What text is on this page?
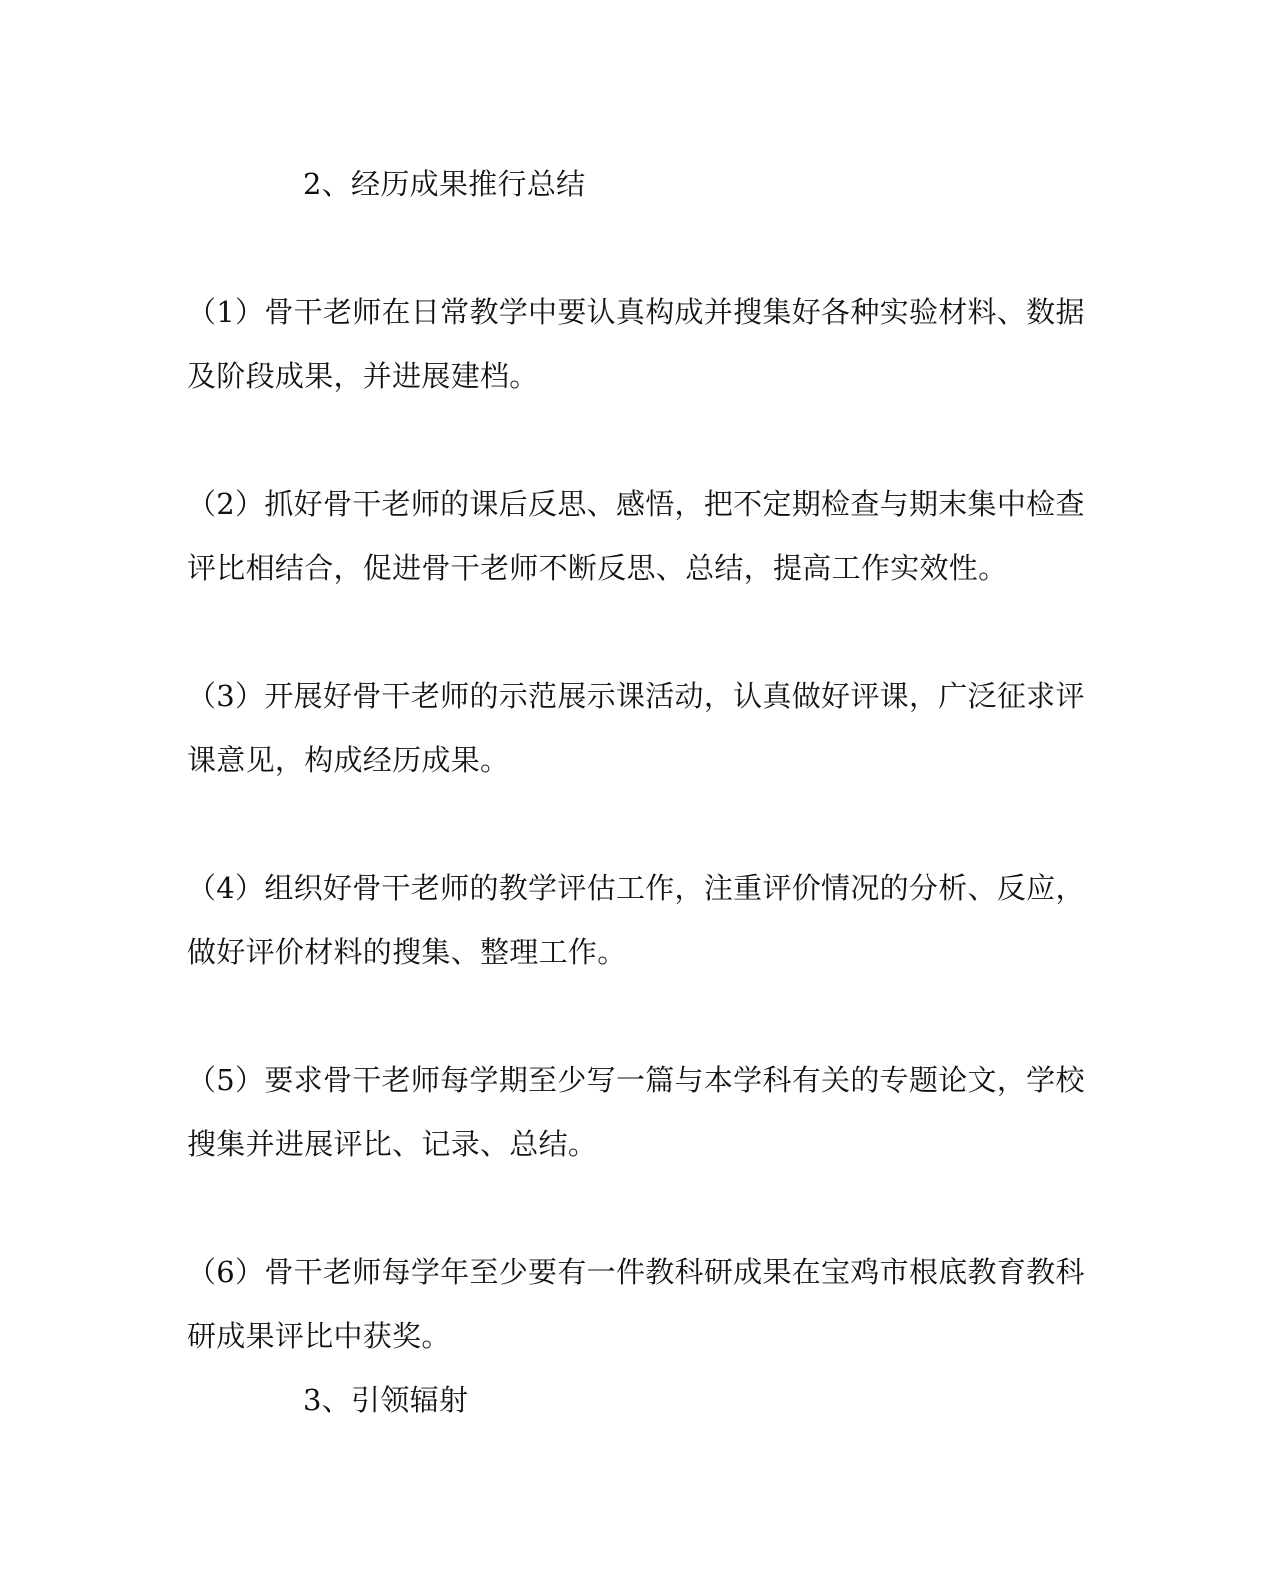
2、经历成果推行总结
（1）骨干老师在日常教学中要认真构成并搜集好各种实验材料、数据
及阶段成果，并进展建档。
（2）抓好骨干老师的课后反思、感悟，把不定期检查与期末集中检查
评比相结合，促进骨干老师不断反思、总结，提高工作实效性。
（3）开展好骨干老师的示范展示课活动，认真做好评课，广泛征求评
课意见，构成经历成果。
（4）组织好骨干老师的教学评估工作，注重评价情况的分析、反应，
做好评价材料的搜集、整理工作。
（5）要求骨干老师每学期至少写一篇与本学科有关的专题论文，学校
搜集并进展评比、记录、总结。
（6）骨干老师每学年至少要有一件教科研成果在宝鸡市根底教育教科
研成果评比中获奖。
3、引领辐射
